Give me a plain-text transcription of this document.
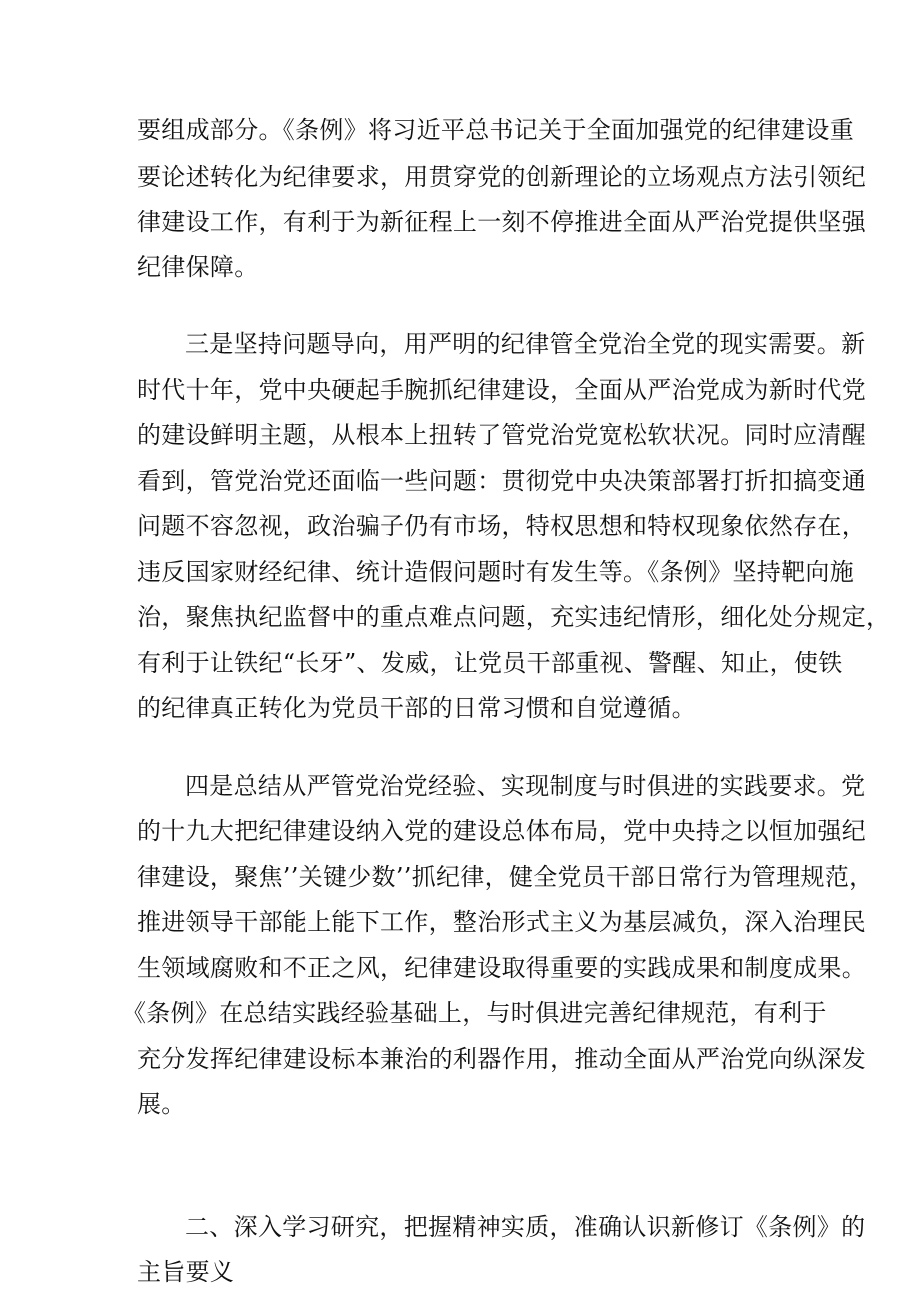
要组成部分。《条例》将习近平总书记关于全面加强党的纪律建设重
要论述转化为纪律要求，用贯穿党的创新理论的立场观点方法引领纪
律建设工作，有利于为新征程上一刻不停推进全面从严治党提供坚强
纪律保障。
三是坚持问题导向，用严明的纪律管全党治全党的现实需要。新
时代十年，党中央硬起手腕抓纪律建设，全面从严治党成为新时代党
的建设鲜明主题，从根本上扭转了管党治党宽松软状况。同时应清醒
看到，管党治党还面临一些问题：贯彻党中央决策部署打折扣搞变通
问题不容忽视，政治骗子仍有市场，特权思想和特权现象依然存在，
违反国家财经纪律、统计造假问题时有发生等。《条例》坚持靶向施
治，聚焦执纪监督中的重点难点问题，充实违纪情形，细化处分规定，
有利于让铁纪“长牙”、发威，让党员干部重视、警醒、知止，使铁
的纪律真正转化为党员干部的日常习惯和自觉遵循。
四是总结从严管党治党经验、实现制度与时俱进的实践要求。党
的十九大把纪律建设纳入党的建设总体布局，党中央持之以恒加强纪
律建设，聚焦’’关键少数’’抓纪律，健全党员干部日常行为管理规范，
推进领导干部能上能下工作，整治形式主义为基层减负，深入治理民
生领域腐败和不正之风，纪律建设取得重要的实践成果和制度成果。
《条例》在总结实践经验基础上，与时俱进完善纪律规范，有利于
充分发挥纪律建设标本兼治的利器作用，推动全面从严治党向纵深发
展。
二、深入学习研究，把握精神实质，准确认识新修订《条例》的
主旨要义
